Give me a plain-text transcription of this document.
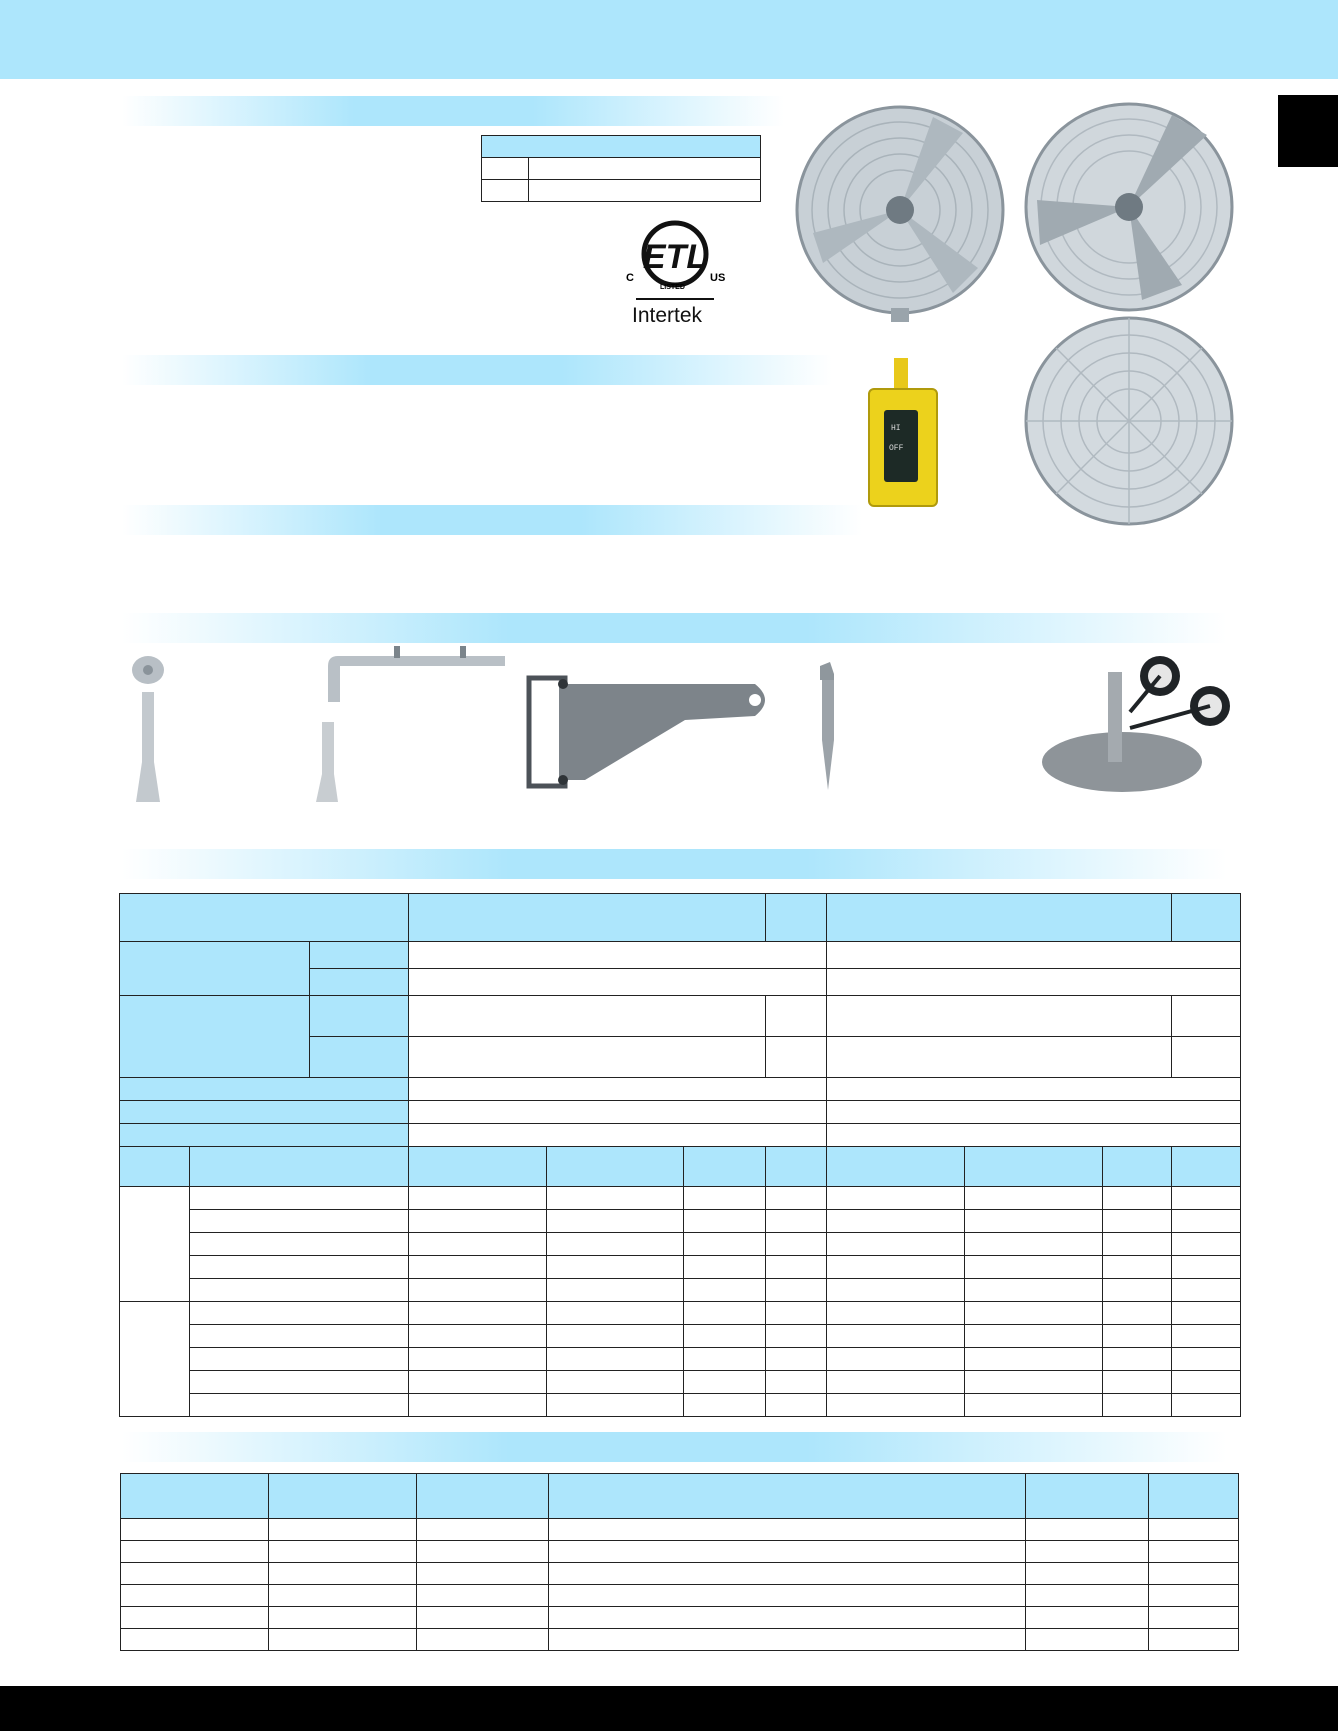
ETL
C	US
LISTED
Intertek
HI
OFF
